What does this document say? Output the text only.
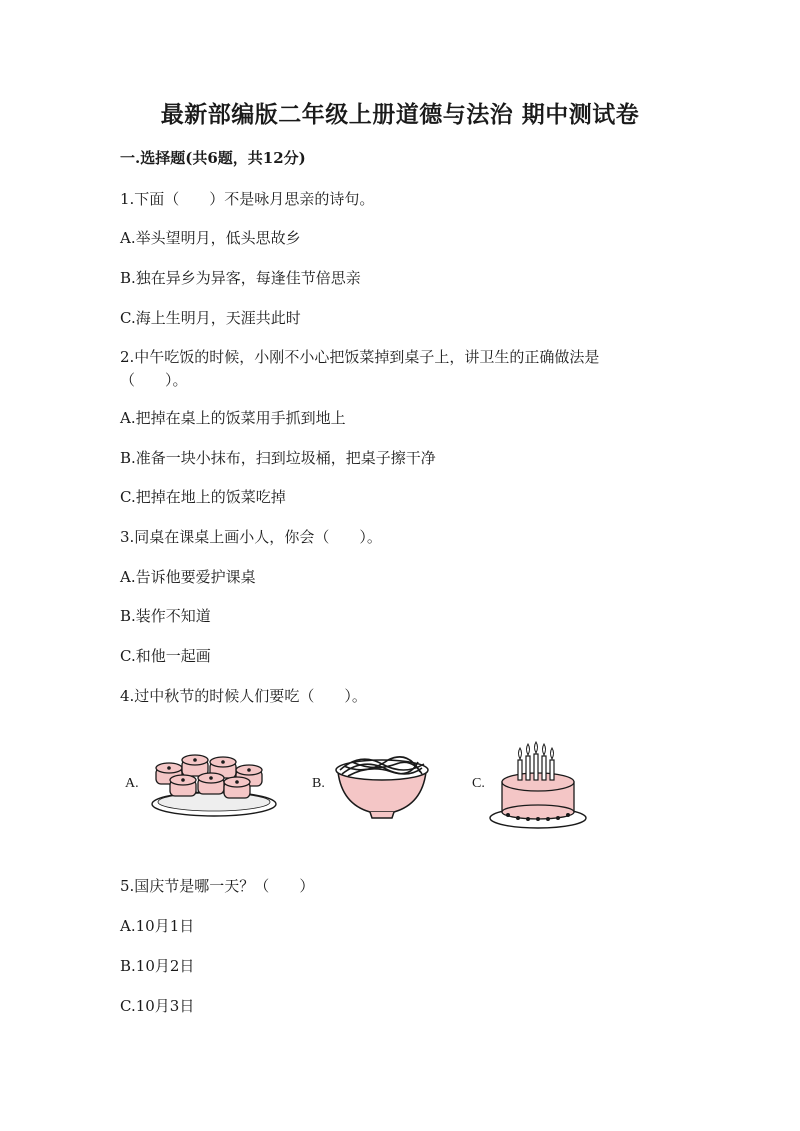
最新部编版二年级上册道德与法治 期中测试卷
一.选择题(共6题，共12分)
1.下面（　　）不是咏月思亲的诗句。
A.举头望明月，低头思故乡
B.独在异乡为异客，每逢佳节倍思亲
C.海上生明月，天涯共此时
2.中午吃饭的时候，小刚不小心把饭菜掉到桌子上，讲卫生的正确做法是
（　　）。
A.把掉在桌上的饭菜用手抓到地上
B.准备一块小抹布，扫到垃圾桶，把桌子擦干净
C.把掉在地上的饭菜吃掉
3.同桌在课桌上画小人，你会（　　）。
A.告诉他要爱护课桌
B.装作不知道
C.和他一起画
4.过中秋节的时候人们要吃（　　）。
A.	B.	C.
5.国庆节是哪一天？（　　）
A.10月1日
B.10月2日
C.10月3日
